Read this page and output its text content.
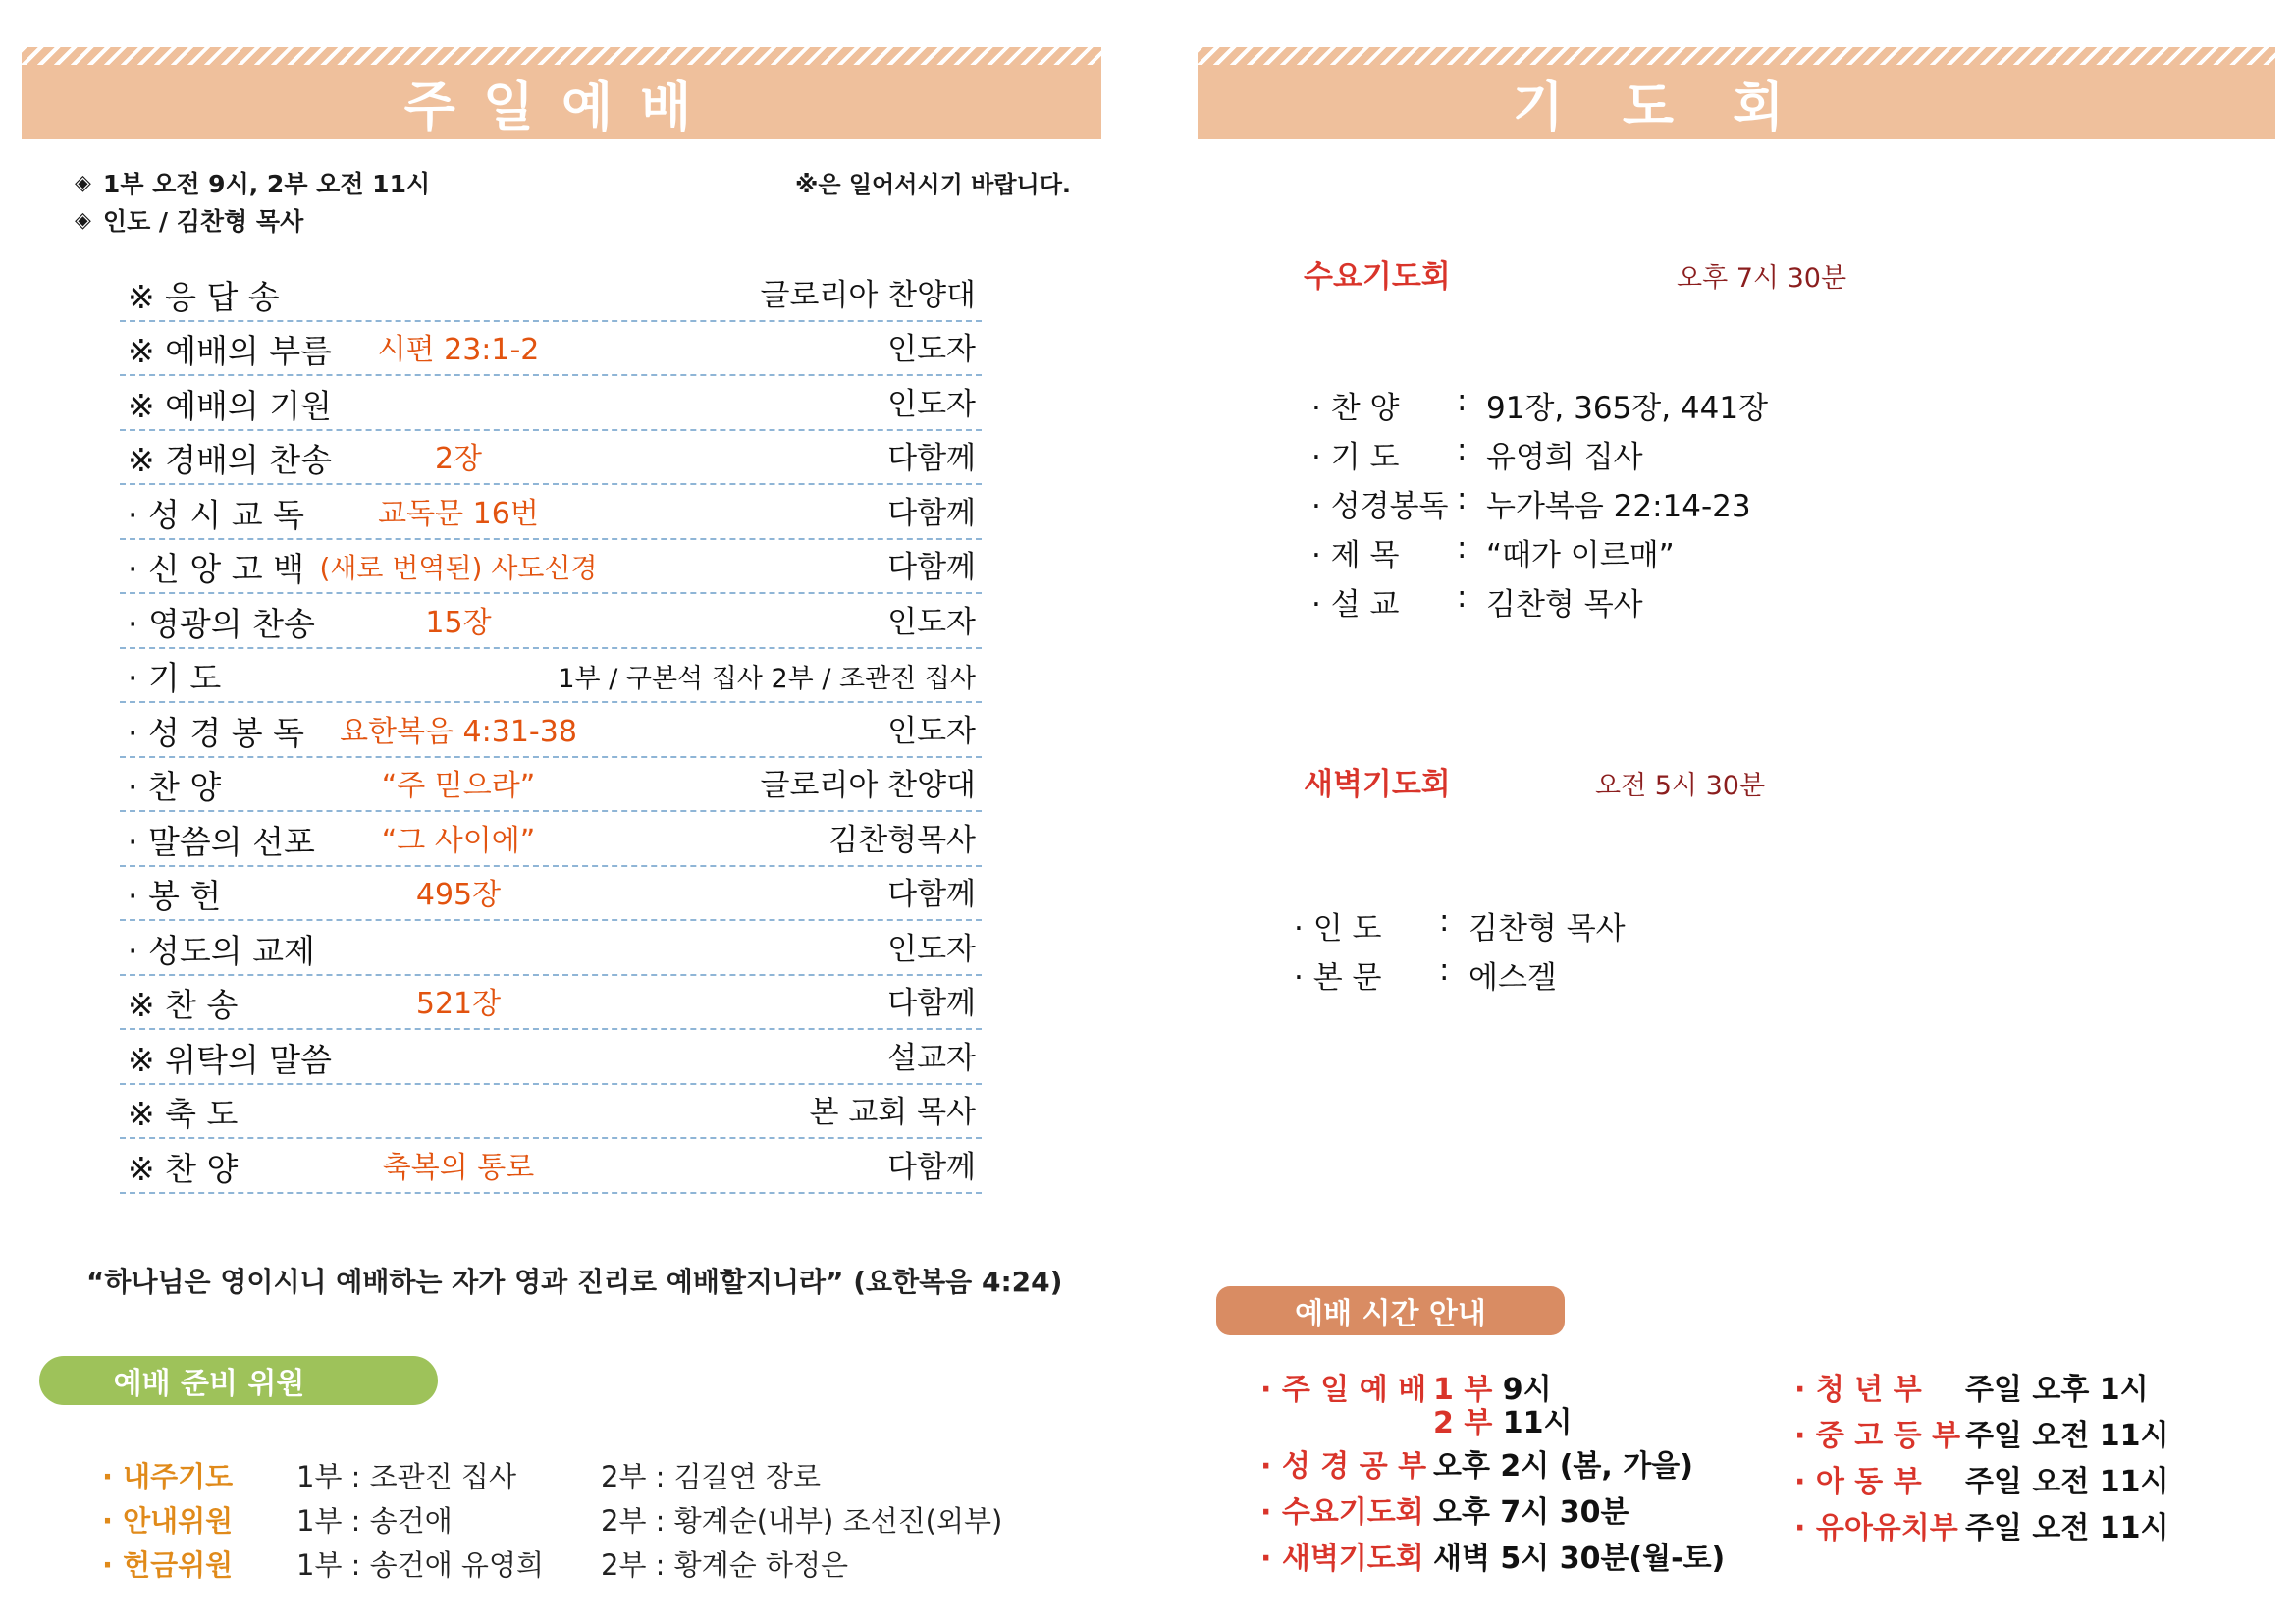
주일예배	기도회
◈ 1부 오전 9시, 2부 오전 11시
◈ 인도 / 김찬형 목사
※은 일어서시기 바랍니다.
※ 응 답 송	글로리아 찬양대
※ 예배의 부름	시편 23:1-2	인도자
※ 예배의 기원	인도자
※ 경배의 찬송	2장	다함께
· 성 시 교 독	교독문 16번	다함께
· 신 앙 고 백 (새로 번역된) 사도신경	다함께
· 영광의 찬송	15장	인도자
· 기 도	1부 / 구본석 집사 2부 / 조관진 집사
· 성 경 봉 독	요한복음 4:31-38	인도자
· 찬 양	“주 믿으라”	글로리아 찬양대
· 말씀의 선포	“그 사이에”	김찬형목사
· 봉 헌	495장	다함께
· 성도의 교제	인도자
※ 찬 송	521장	다함께
※ 위탁의 말씀	설교자
※ 축 도	본 교회 목사
※ 찬 양	축복의 통로	다함께
“하나님은 영이시니 예배하는 자가 영과 진리로 예배할지니라” (요한복음 4:24)
예배 준비 위원
· 내주기도 1부 : 조관진 집사	2부 : 김길연 장로
· 안내위원 1부 : 송건애	2부 : 황계순(내부) 조선진(외부)
· 헌금위원 1부 : 송건애 유영희 2부 : 황계순 하정은
수요기도회	오후 7시 30분
· 찬 양 : 91장, 365장, 441장
· 기 도 : 유영희 집사
· 성경봉독 : 누가복음 22:14-23
· 제 목 : “때가 이르매”
· 설 교 : 김찬형 목사
새벽기도회	오전 5시 30분
· 인 도 : 김찬형 목사
· 본 문 : 에스겔
예배 시간 안내
· 주 일 예 배 1 부 9시
2 부 11시
· 성 경 공 부 오후 2시 (봄, 가을)
· 수요기도회 오후 7시 30분
· 새벽기도회 새벽 5시 30분(월-토)
· 청 년 부 주일 오후 1시
· 중 고 등 부 주일 오전 11시
· 아 동 부 주일 오전 11시
· 유아유치부 주일 오전 11시
